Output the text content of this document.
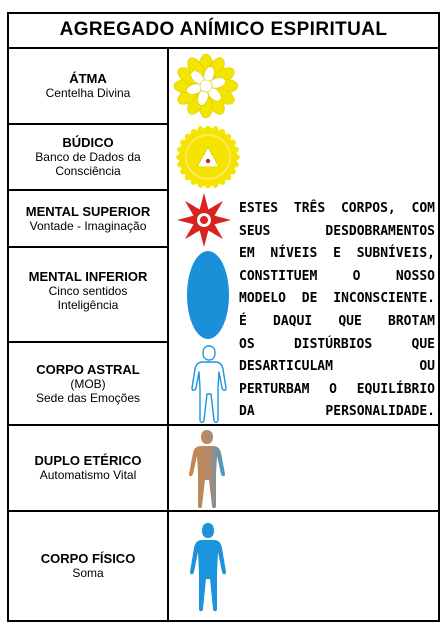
AGREGADO ANÍMICO ESPIRITUAL
ÁTMA
Centelha Divina
BÚDICO
Banco de Dados da
Consciência
MENTAL SUPERIOR
Vontade - Imaginação
MENTAL INFERIOR
Cinco sentidos
Inteligência
CORPO ASTRAL
(MOB)
Sede das Emoções
DUPLO ETÉRICO
Automatismo Vital
CORPO FÍSICO
Soma
ESTES TRÊS CORPOS, COM
SEUS DESDOBRAMENTOS
EM NÍVEIS E SUBNÍVEIS,
CONSTITUEM O NOSSO
MODELO DE INCONSCIENTE.
É DAQUI QUE BROTAM
OS DISTÚRBIOS QUE
DESARTICULAM OU
PERTURBAM O EQUILÍBRIO
DA PERSONALIDADE.
